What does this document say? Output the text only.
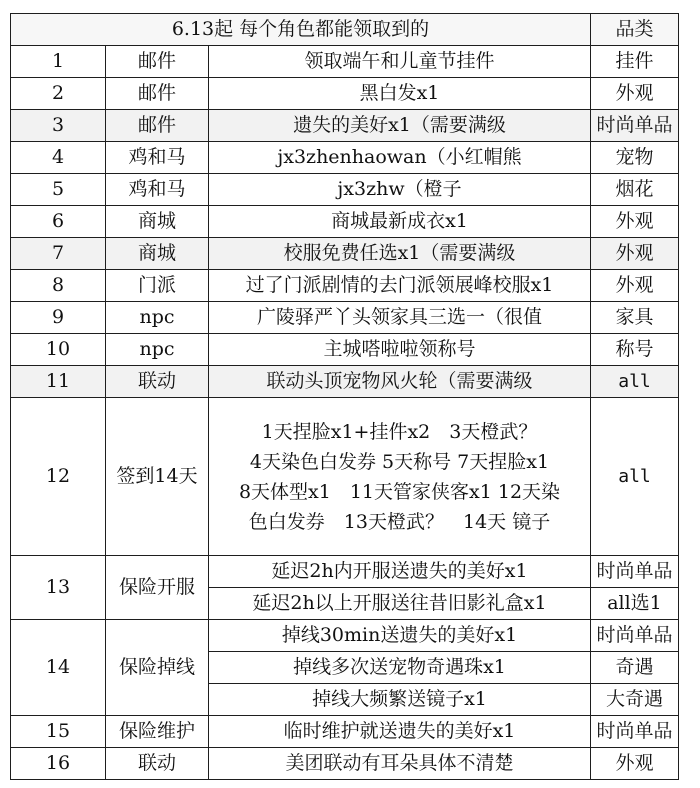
6.13起 每个角色都能领取到的			品类
1	邮件	领取端午和儿童节挂件	挂件
2	邮件	黑白发x1	外观
3	邮件	遗失的美好x1（需要满级	时尚单品
4	鸡和马	jx3zhenhaowan（小红帽熊	宠物
5	鸡和马	jx3zhw（橙子	烟花
6	商城	商城最新成衣x1	外观
7	商城	校服免费任选x1（需要满级	外观
8	门派	过了门派剧情的去门派领展峰校服x1	外观
9	npc	广陵驿严丫头领家具三选一（很值	家具
10	npc	主城嗒啦啦领称号	称号
11	联动	联动头顶宠物风火轮（需要满级	all
12	签到14天	1天捏脸x1+挂件x2　3天橙武？
4天染色白发券 5天称号 7天捏脸x1
8天体型x1　11天管家侠客x1 12天染
色白发券　13天橙武？　14天 镜子	all
13	保险开服	延迟2h内开服送遗失的美好x1	时尚单品
		延迟2h以上开服送往昔旧影礼盒x1	all选1
14	保险掉线	掉线30min送遗失的美好x1	时尚单品
		掉线多次送宠物奇遇珠x1	奇遇
		掉线大频繁送镜子x1	大奇遇
15	保险维护	临时维护就送遗失的美好x1	时尚单品
16	联动	美团联动有耳朵具体不清楚	外观
